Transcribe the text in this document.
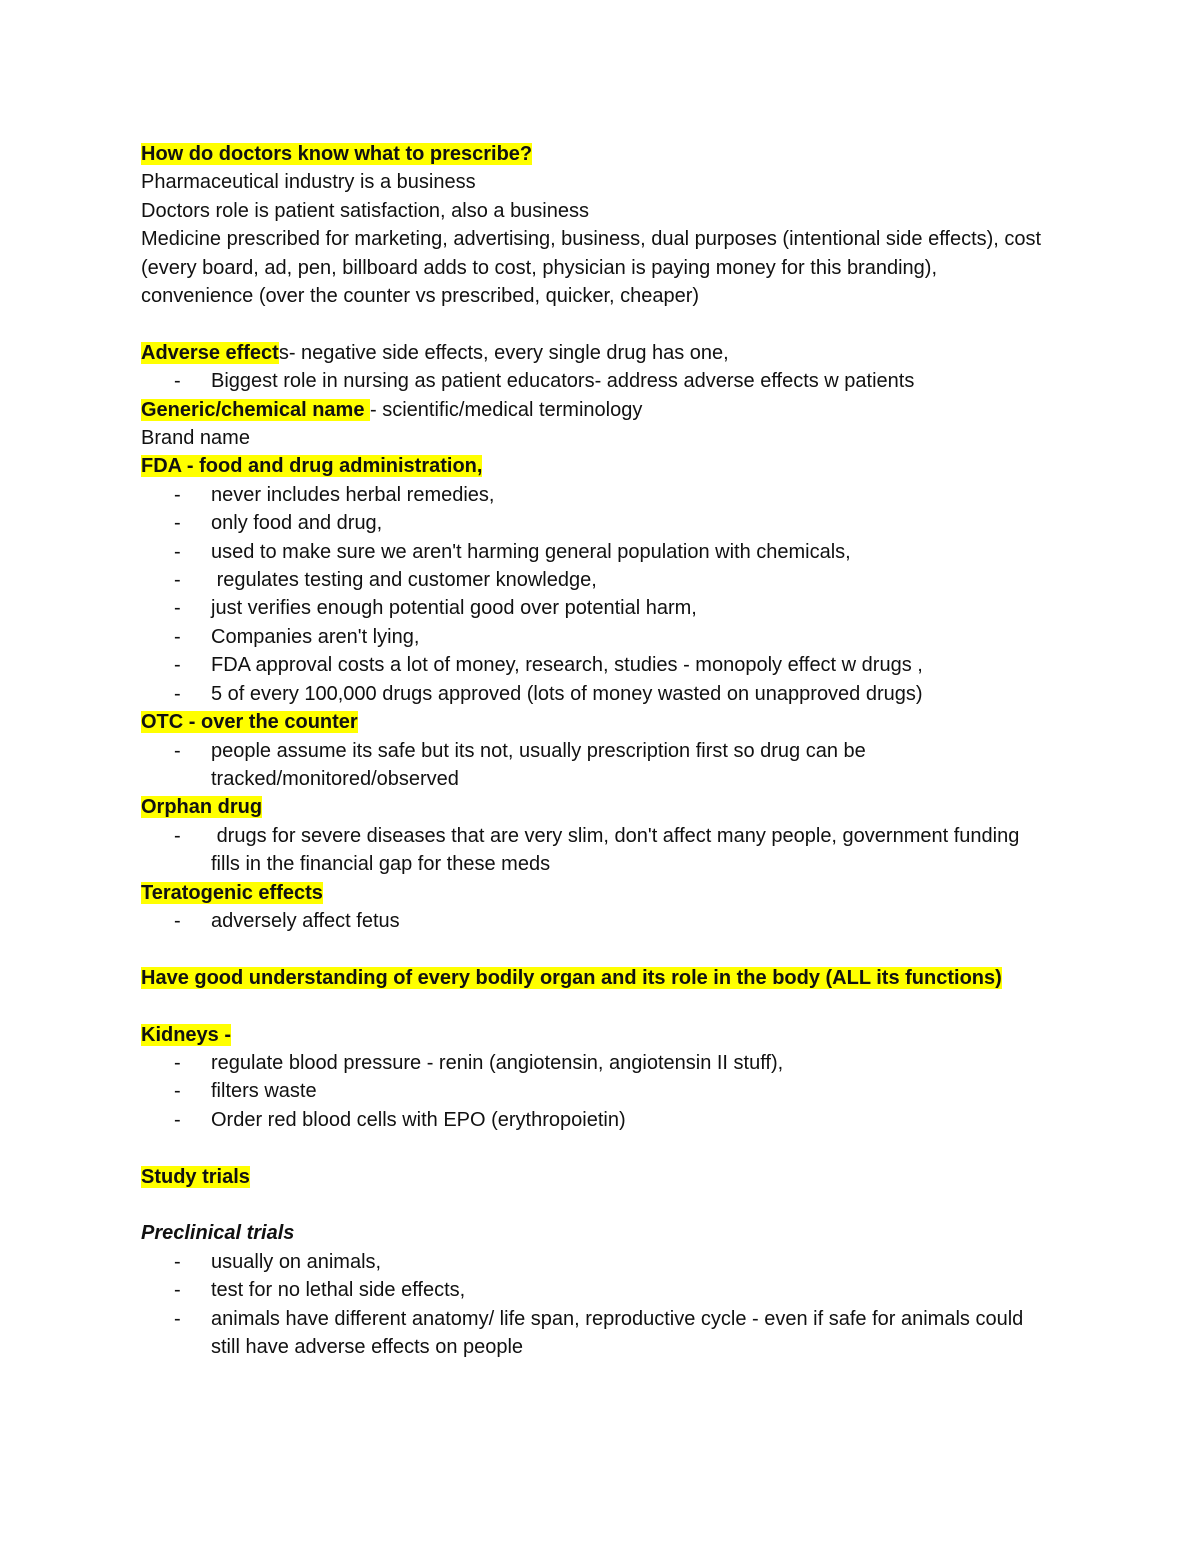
How do doctors know what to prescribe?
Pharmaceutical industry is a business
Doctors role is patient satisfaction, also a business
Medicine prescribed for marketing, advertising, business, dual purposes (intentional side effects), cost (every board, ad, pen, billboard adds to cost, physician is paying money for this branding), convenience (over the counter vs prescribed, quicker, cheaper)
Adverse effects- negative side effects, every single drug has one,
-	Biggest role in nursing as patient educators- address adverse effects w patients
Generic/chemical name - scientific/medical terminology
Brand name
FDA - food and drug administration,
-	never includes herbal remedies,
-	only food and drug,
-	used to make sure we aren't harming general population with chemicals,
-	regulates testing and customer knowledge,
-	just verifies enough potential good over potential harm,
-	Companies aren't lying,
-	FDA approval costs a lot of money, research, studies - monopoly effect w drugs ,
-	5 of every 100,000 drugs approved (lots of money wasted on unapproved drugs)
OTC - over the counter
-	people assume its safe but its not, usually prescription first so drug can be tracked/monitored/observed
Orphan drug
-	drugs for severe diseases that are very slim, don't affect many people, government funding fills in the financial gap for these meds
Teratogenic effects
-	adversely affect fetus
Have good understanding of every bodily organ and its role in the body (ALL its functions)
Kidneys -
-	regulate blood pressure - renin (angiotensin, angiotensin II stuff),
-	filters waste
-	Order red blood cells with EPO (erythropoietin)
Study trials
Preclinical trials
-	usually on animals,
-	test for no lethal side effects,
-	animals have different anatomy/ life span, reproductive cycle - even if safe for animals could still have adverse effects on people
